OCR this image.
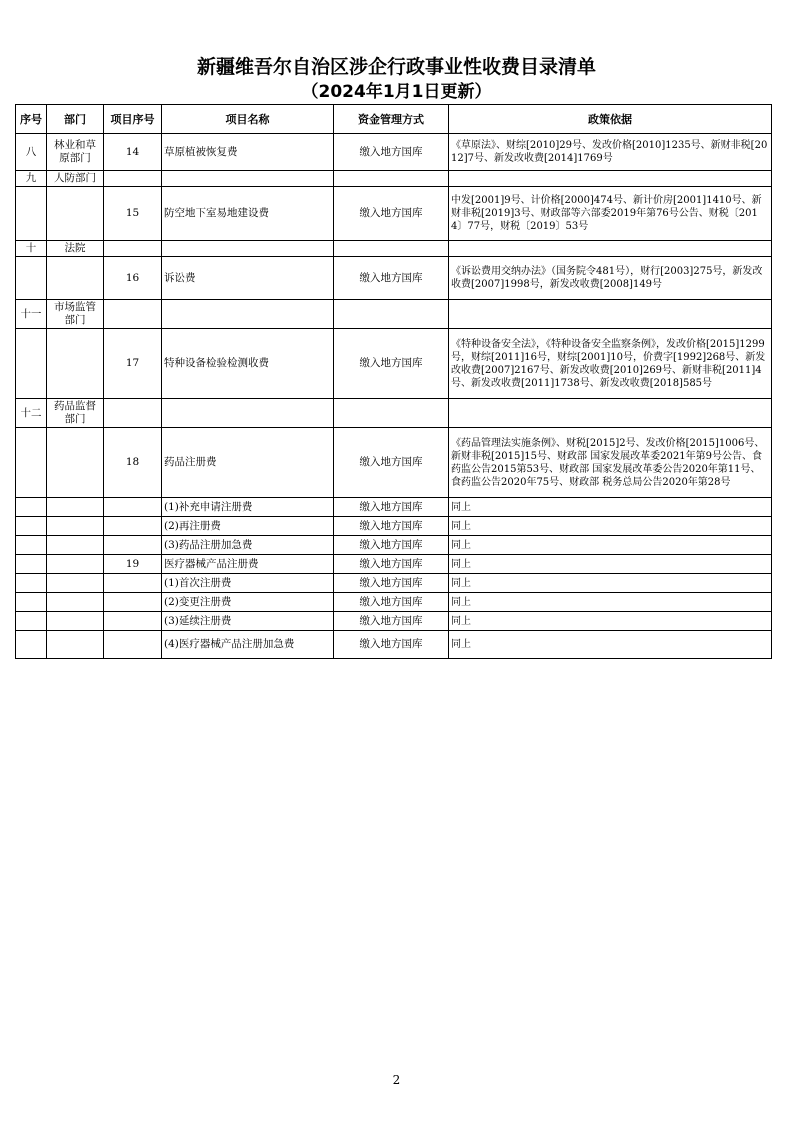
新疆维吾尔自治区涉企行政事业性收费目录清单
（2024年1月1日更新）
序号	部门	项目序号	项目名称	资金管理方式	政策依据
八	林业和草原部门	14	草原植被恢复费	缴入地方国库	《草原法》、财综[2010]29号、发改价格[2010]1235号、新财非税[2012]7号、新发改收费[2014]1769号

九	人防部门				

		15	防空地下室易地建设费	缴入地方国库	中发[2001]9号、计价格[2000]474号、新计价房[2001]1410号、新财非税[2019]3号、财政部等六部委2019年第76号公告、财税〔2014〕77号，财税〔2019〕53号

十	法院				

		16	诉讼费	缴入地方国库	《诉讼费用交纳办法》（国务院令481号），财行[2003]275号，新发改收费[2007]1998号，新发改收费[2008]149号

十一	市场监管部门				

		17	特种设备检验检测收费	缴入地方国库	《特种设备安全法》，《特种设备安全监察条例》，发改价格[2015]1299号，财综[2011]16号，财综[2001]10号，价费字[1992]268号、新发改收费[2007]2167号、新发改收费[2010]269号、新财非税[2011]4号、新发改收费[2011]1738号、新发改收费[2018]585号

十二	药品监督部门				

		18	药品注册费	缴入地方国库	《药品管理法实施条例》、财税[2015]2号、发改价格[2015]1006号、新财非税[2015]15号、财政部 国家发展改革委2021年第9号公告、食药监公告2015第53号、财政部 国家发展改革委公告2020年第11号、食药监公告2020年75号、财政部 税务总局公告2020年第28号

			(1)补充申请注册费	缴入地方国库	同上

			(2)再注册费	缴入地方国库	同上

			(3)药品注册加急费	缴入地方国库	同上

		19	医疗器械产品注册费	缴入地方国库	同上

			(1)首次注册费	缴入地方国库	同上

			(2)变更注册费	缴入地方国库	同上

			(3)延续注册费	缴入地方国库	同上

			(4)医疗器械产品注册加急费	缴入地方国库	同上
2
